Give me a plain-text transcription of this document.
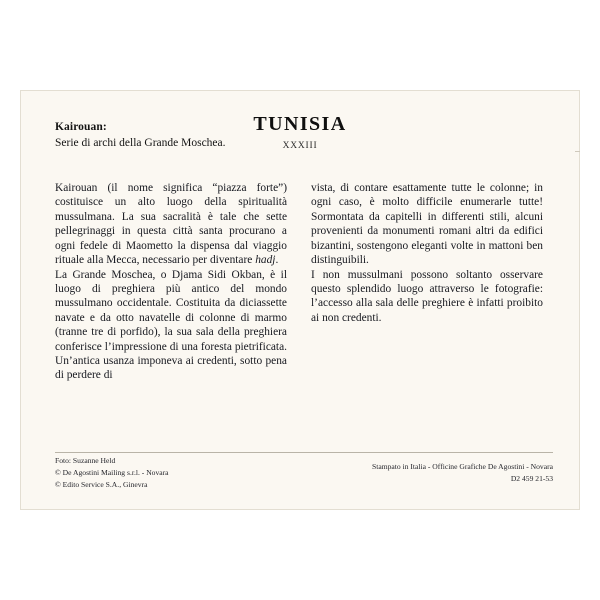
Kairouan:
Serie di archi della Grande Moschea.
TUNISIA
XXXIII

Kairouan (il nome significa “piazza forte”) costituisce un alto luogo della spiritualità mussulmana. La sua sacralità è tale che sette pellegrinaggi in questa città santa procurano a ogni fedele di Maometto la dispensa dal viaggio rituale alla Mecca, necessario per diventare hadj.

La Grande Moschea, o Djama Sidi Okban, è il luogo di preghiera più antico del mondo mussulmano occidentale. Costituita da diciassette navate e da otto navatelle di colonne di marmo (tranne tre di porfido), la sua sala della preghiera conferisce l’impressione di una foresta pietrificata. Un’antica usanza imponeva ai credenti, sotto pena di perdere di

vista, di contare esattamente tutte le colonne; in ogni caso, è molto difficile enumerarle tutte! Sormontata da capitelli in differenti stili, alcuni provenienti da monumenti romani altri da edifici bizantini, sostengono eleganti volte in mattoni ben distinguibili.

I non mussulmani possono soltanto osservare questo splendido luogo attraverso le fotografie: l’accesso alla sala delle preghiere è infatti proibito ai non credenti.

Foto: Suzanne Held
© De Agostini Mailing s.r.l. - Novara
© Edito Service S.A., Ginevra
Stampato in Italia - Officine Grafiche De Agostini - Novara
D2 459 21-53
